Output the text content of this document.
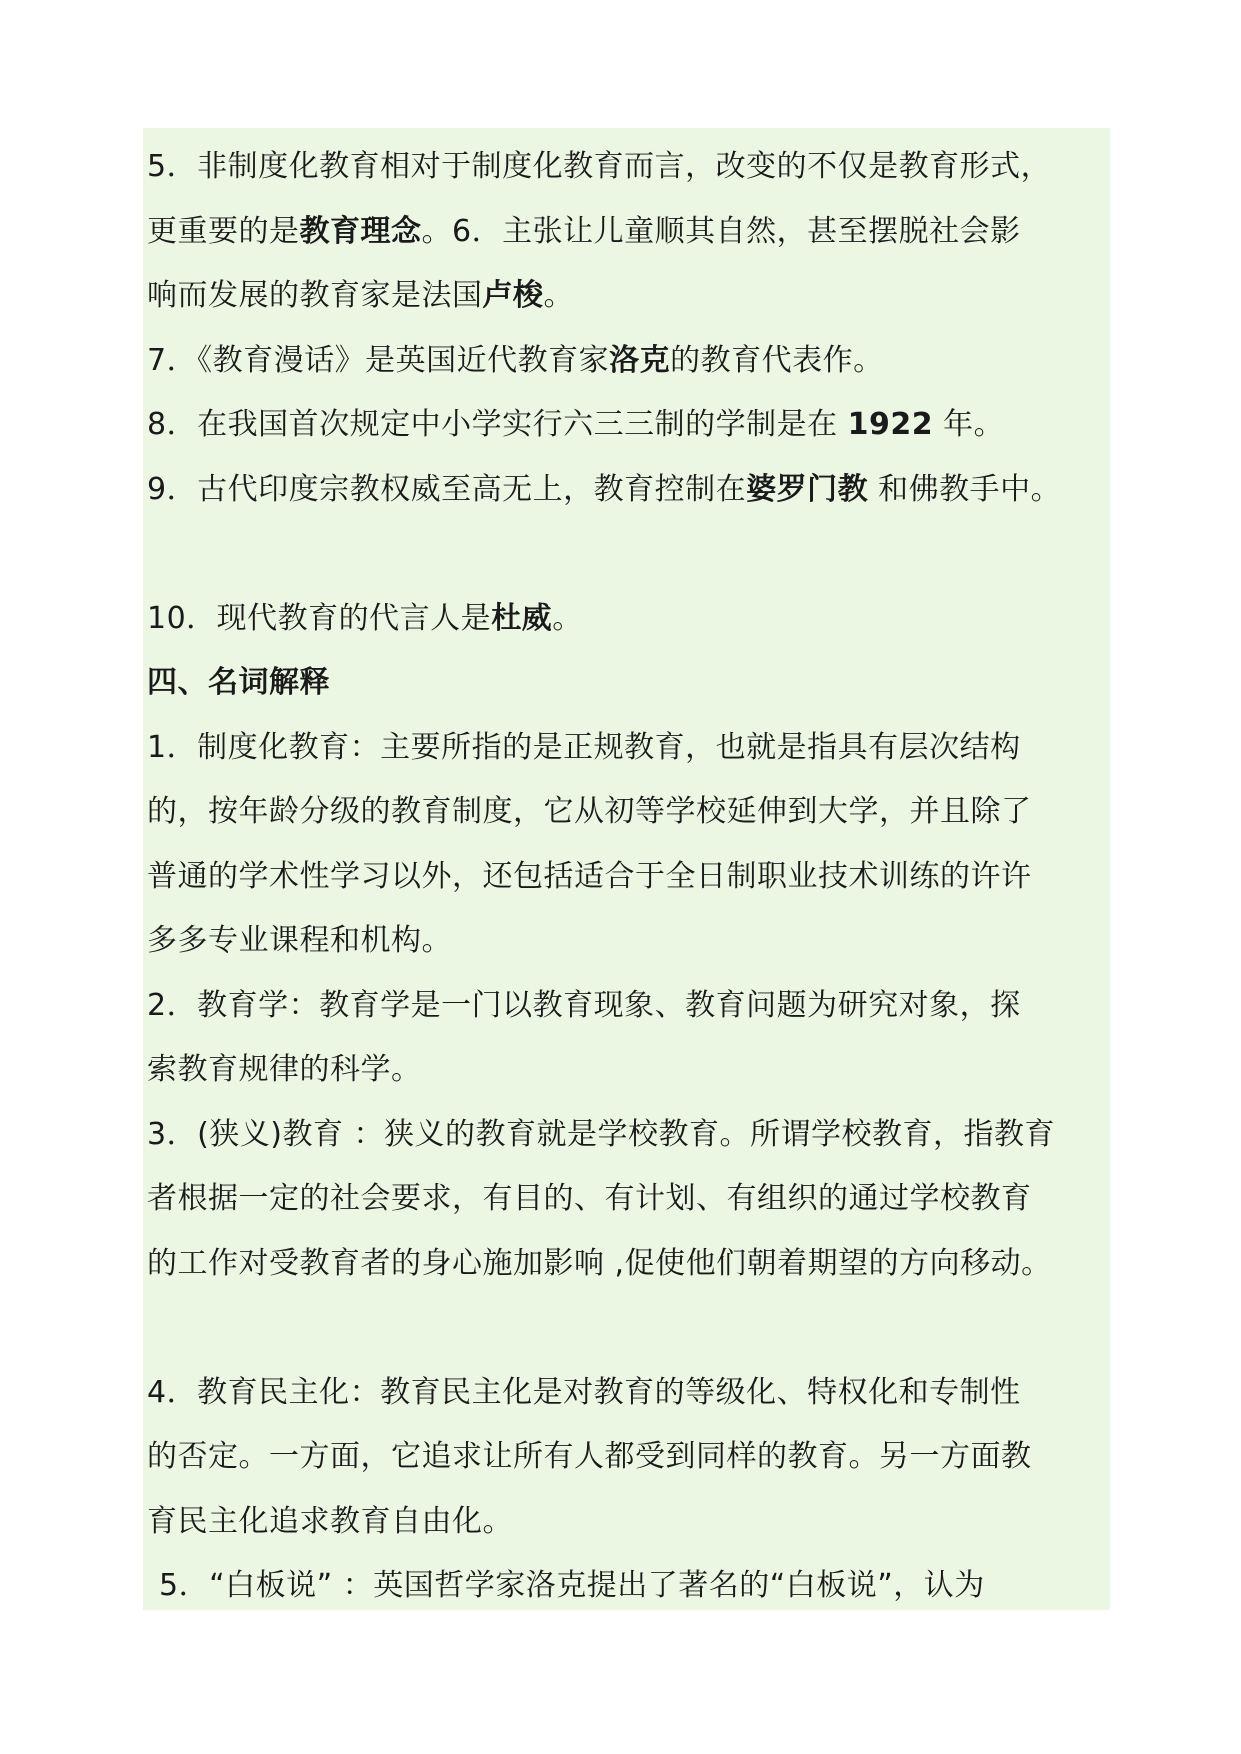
5．非制度化教育相对于制度化教育而言，改变的不仅是教育形式，
更重要的是教育理念。6．主张让儿童顺其自然，甚至摆脱社会影
响而发展的教育家是法国卢梭。
7．《教育漫话》是英国近代教育家洛克的教育代表作。
8．在我国首次规定中小学实行六三三制的学制是在 1922 年。
9．古代印度宗教权威至高无上，教育控制在婆罗门教 和佛教手中。
10．现代教育的代言人是杜威。
四、名词解释
1．制度化教育：主要所指的是正规教育，也就是指具有层次结构
的，按年龄分级的教育制度，它从初等学校延伸到大学，并且除了
普通的学术性学习以外，还包括适合于全日制职业技术训练的许许
多多专业课程和机构。
2．教育学：教育学是一门以教育现象、教育问题为研究对象，探
索教育规律的科学。
3．(狭义)教育 ：狭义的教育就是学校教育。所谓学校教育，指教育
者根据一定的社会要求，有目的、有计划、有组织的通过学校教育
的工作对受教育者的身心施加影响 ,促使他们朝着期望的方向移动。
4．教育民主化：教育民主化是对教育的等级化、特权化和专制性
的否定。一方面，它追求让所有人都受到同样的教育。另一方面教
育民主化追求教育自由化。
5．“白板说” ：英国哲学家洛克提出了著名的“白板说”，认为
